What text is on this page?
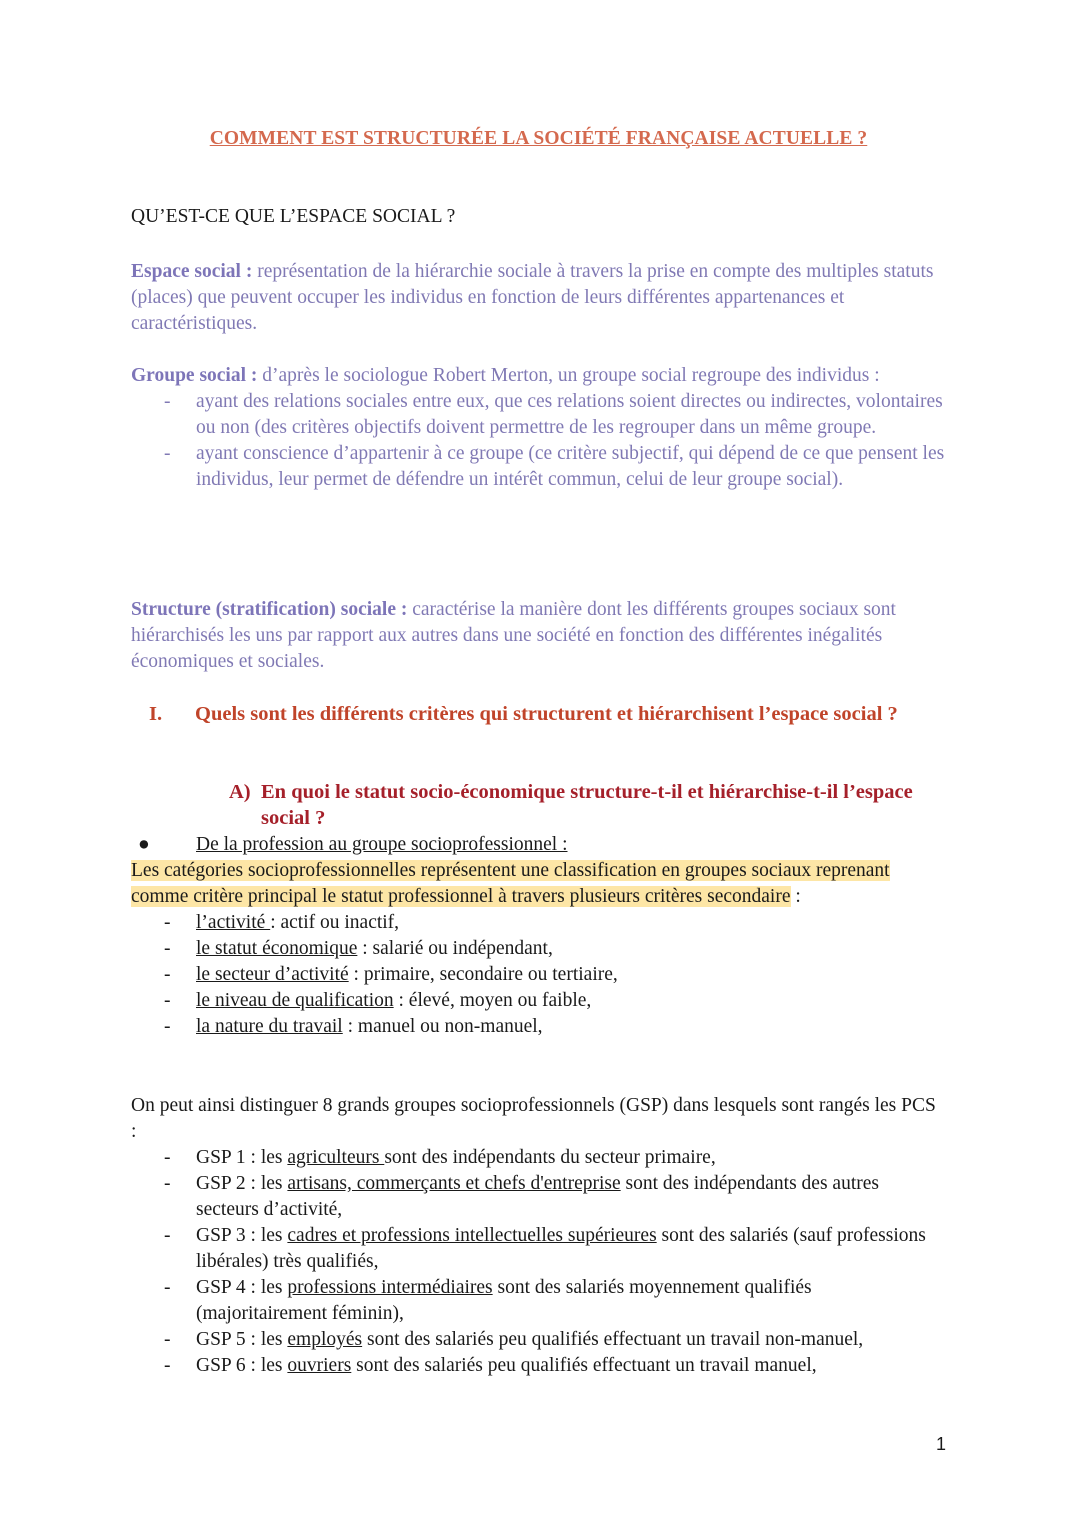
COMMENT EST STRUCTURÉE LA SOCIÉTÉ FRANÇAISE ACTUELLE ?
QU’EST-CE QUE L’ESPACE SOCIAL ?
Espace social : représentation de la hiérarchie sociale à travers la prise en compte des multiples statuts (places) que peuvent occuper les individus en fonction de leurs différentes appartenances et caractéristiques.
Groupe social : d’après le sociologue Robert Merton, un groupe social regroupe des individus :
- ayant des relations sociales entre eux, que ces relations soient directes ou indirectes, volontaires ou non (des critères objectifs doivent permettre de les regrouper dans un même groupe.
- ayant conscience d’appartenir à ce groupe (ce critère subjectif, qui dépend de ce que pensent les individus, leur permet de défendre un intérêt commun, celui de leur groupe social).
Structure (stratification) sociale : caractérise la manière dont les différents groupes sociaux sont hiérarchisés les uns par rapport aux autres dans une société en fonction des différentes inégalités économiques et sociales.
I. Quels sont les différents critères qui structurent et hiérarchisent l’espace social ?
A) En quoi le statut socio-économique structure-t-il et hiérarchise-t-il l’espace social ?
● De la profession au groupe socioprofessionnel :
Les catégories socioprofessionnelles représentent une classification en groupes sociaux reprenant comme critère principal le statut professionnel à travers plusieurs critères secondaire :
- l’activité : actif ou inactif,
- le statut économique : salarié ou indépendant,
- le secteur d’activité : primaire, secondaire ou tertiaire,
- le niveau de qualification : élevé, moyen ou faible,
- la nature du travail : manuel ou non-manuel,
On peut ainsi distinguer 8 grands groupes socioprofessionnels (GSP) dans lesquels sont rangés les PCS :
- GSP 1 : les agriculteurs sont des indépendants du secteur primaire,
- GSP 2 : les artisans, commerçants et chefs d'entreprise sont des indépendants des autres secteurs d’activité,
- GSP 3 : les cadres et professions intellectuelles supérieures sont des salariés (sauf professions libérales) très qualifiés,
- GSP 4 : les professions intermédiaires sont des salariés moyennement qualifiés (majoritairement féminin),
- GSP 5 : les employés sont des salariés peu qualifiés effectuant un travail non-manuel,
- GSP 6 : les ouvriers sont des salariés peu qualifiés effectuant un travail manuel,
1
